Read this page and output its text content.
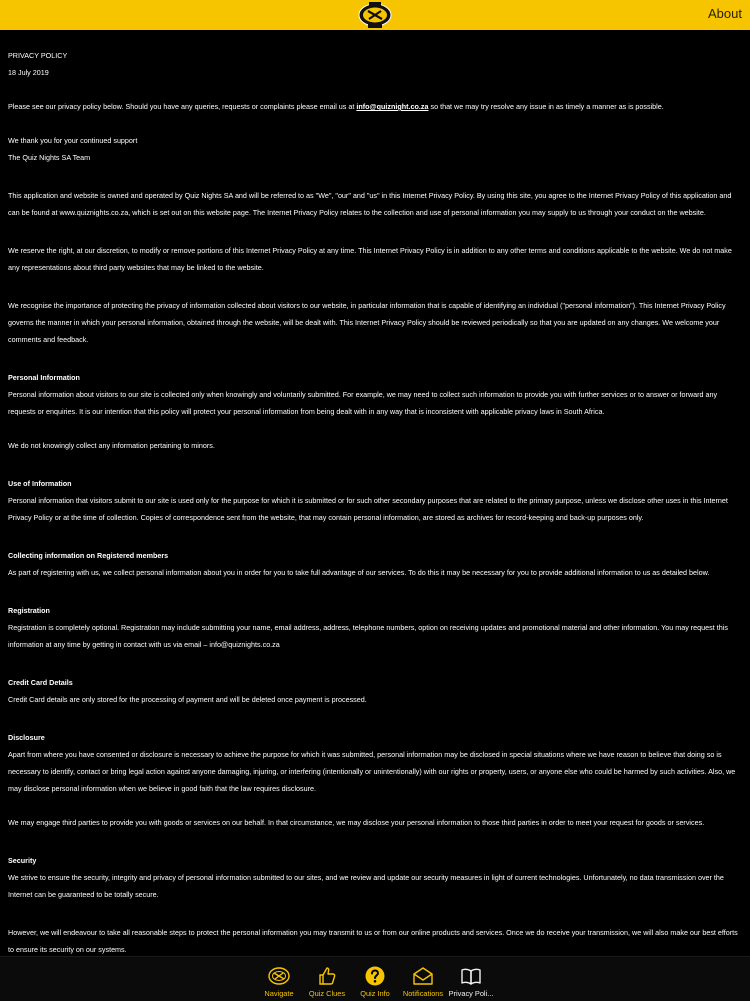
About

PRIVACY POLICY

18 July 2019

Please see our privacy policy below. Should you have any queries, requests or complaints please email us at info@quiznight.co.za so that we may try resolve any issue in as timely a manner as is possible.

We thank you for your continued support

The Quiz Nights SA Team

This application and website is owned and operated by Quiz Nights SA and will be referred to as "We", "our" and "us" in this Internet Privacy Policy. By using this site, you agree to the Internet Privacy Policy of this application and can be found at www.quiznights.co.za, which is set out on this website page. The Internet Privacy Policy relates to the collection and use of personal information you may supply to us through your conduct on the website.

We reserve the right, at our discretion, to modify or remove portions of this Internet Privacy Policy at any time. This Internet Privacy Policy is in addition to any other terms and conditions applicable to the website. We do not make any representations about third party websites that may be linked to the website.

We recognise the importance of protecting the privacy of information collected about visitors to our website, in particular information that is capable of identifying an individual ("personal information"). This Internet Privacy Policy governs the manner in which your personal information, obtained through the website, will be dealt with. This Internet Privacy Policy should be reviewed periodically so that you are updated on any changes. We welcome your comments and feedback.

Personal Information

Personal information about visitors to our site is collected only when knowingly and voluntarily submitted. For example, we may need to collect such information to provide you with further services or to answer or forward any requests or enquiries. It is our intention that this policy will protect your personal information from being dealt with in any way that is inconsistent with applicable privacy laws in South Africa.

We do not knowingly collect any information pertaining to minors.

Use of Information

Personal information that visitors submit to our site is used only for the purpose for which it is submitted or for such other secondary purposes that are related to the primary purpose, unless we disclose other uses in this Internet Privacy Policy or at the time of collection. Copies of correspondence sent from the website, that may contain personal information, are stored as archives for record-keeping and back-up purposes only.

Collecting information on Registered members

As part of registering with us, we collect personal information about you in order for you to take full advantage of our services. To do this it may be necessary for you to provide additional information to us as detailed below.

Registration

Registration is completely optional. Registration may include submitting your name, email address, address, telephone numbers, option on receiving updates and promotional material and other information. You may request this information at any time by getting in contact with us via email – info@quiznights.co.za

Credit Card Details

Credit Card details are only stored for the processing of payment and will be deleted once payment is processed.

Disclosure

Apart from where you have consented or disclosure is necessary to achieve the purpose for which it was submitted, personal information may be disclosed in special situations where we have reason to believe that doing so is necessary to identify, contact or bring legal action against anyone damaging, injuring, or interfering (intentionally or unintentionally) with our rights or property, users, or anyone else who could be harmed by such activities. Also, we may disclose personal information when we believe in good faith that the law requires disclosure.

We may engage third parties to provide you with goods or services on our behalf. In that circumstance, we may disclose your personal information to those third parties in order to meet your request for goods or services.

Security

We strive to ensure the security, integrity and privacy of personal information submitted to our sites, and we review and update our security measures in light of current technologies. Unfortunately, no data transmission over the Internet can be guaranteed to be totally secure.

However, we will endeavour to take all reasonable steps to protect the personal information you may transmit to us or from our online products and services. Once we do receive your transmission, we will also make our best efforts to ensure its security on our systems.

Navigate	Quiz Clues	Quiz Info	Notifications Privacy Poli...
